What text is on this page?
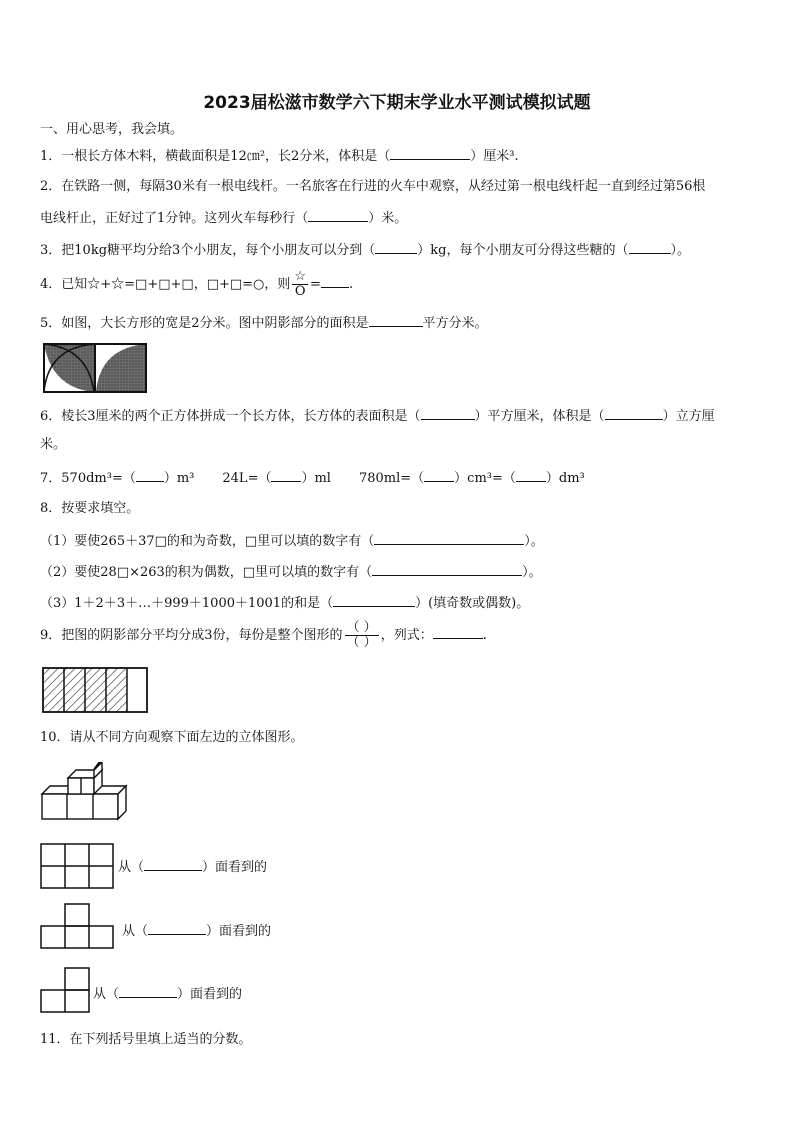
2023届松滋市数学六下期末学业水平测试模拟试题
一、用心思考，我会填。
1．一根长方体木料，横截面积是12㎝²，长2分米，体积是（	）厘米³.
2．在铁路一侧，每隔30米有一根电线杆。一名旅客在行进的火车中观察，从经过第一根电线杆起一直到经过第56根
电线杆止，正好过了1分钟。这列火车每秒行（	）米。
3．把10kg糖平均分给3个小朋友，每个小朋友可以分到（	）kg，每个小朋友可分得这些糖的（	）。
4．已知☆+☆=□+□+□，□+□=○，则 $\frac{☆}{O}$ = .
5．如图，大长方形的宽是2分米。图中阴影部分的面积是	平方分米。
6．棱长3厘米的两个正方体拼成一个长方体，长方体的表面积是（	）平方厘米，体积是（	）立方厘
米。
7．570dm³=（ ）m³ 24L=（ ）ml 780ml=（ ）cm³=（ ）dm³
8．按要求填空。
（1）要使265＋37□的和为奇数，□里可以填的数字有（	）。
（2）要使28□×263的积为偶数，□里可以填的数字有（	）。
（3）1＋2＋3＋…＋999＋1000＋1001的和是（	）(填奇数或偶数)。
9．把图的阴影部分平均分成3份，每份是整个图形的 $\frac{( )}{( )}$ ，列式：	.
10．请从不同方向观察下面左边的立体图形。
从（	）面看到的
从（	）面看到的
从（	）面看到的
11．在下列括号里填上适当的分数。
